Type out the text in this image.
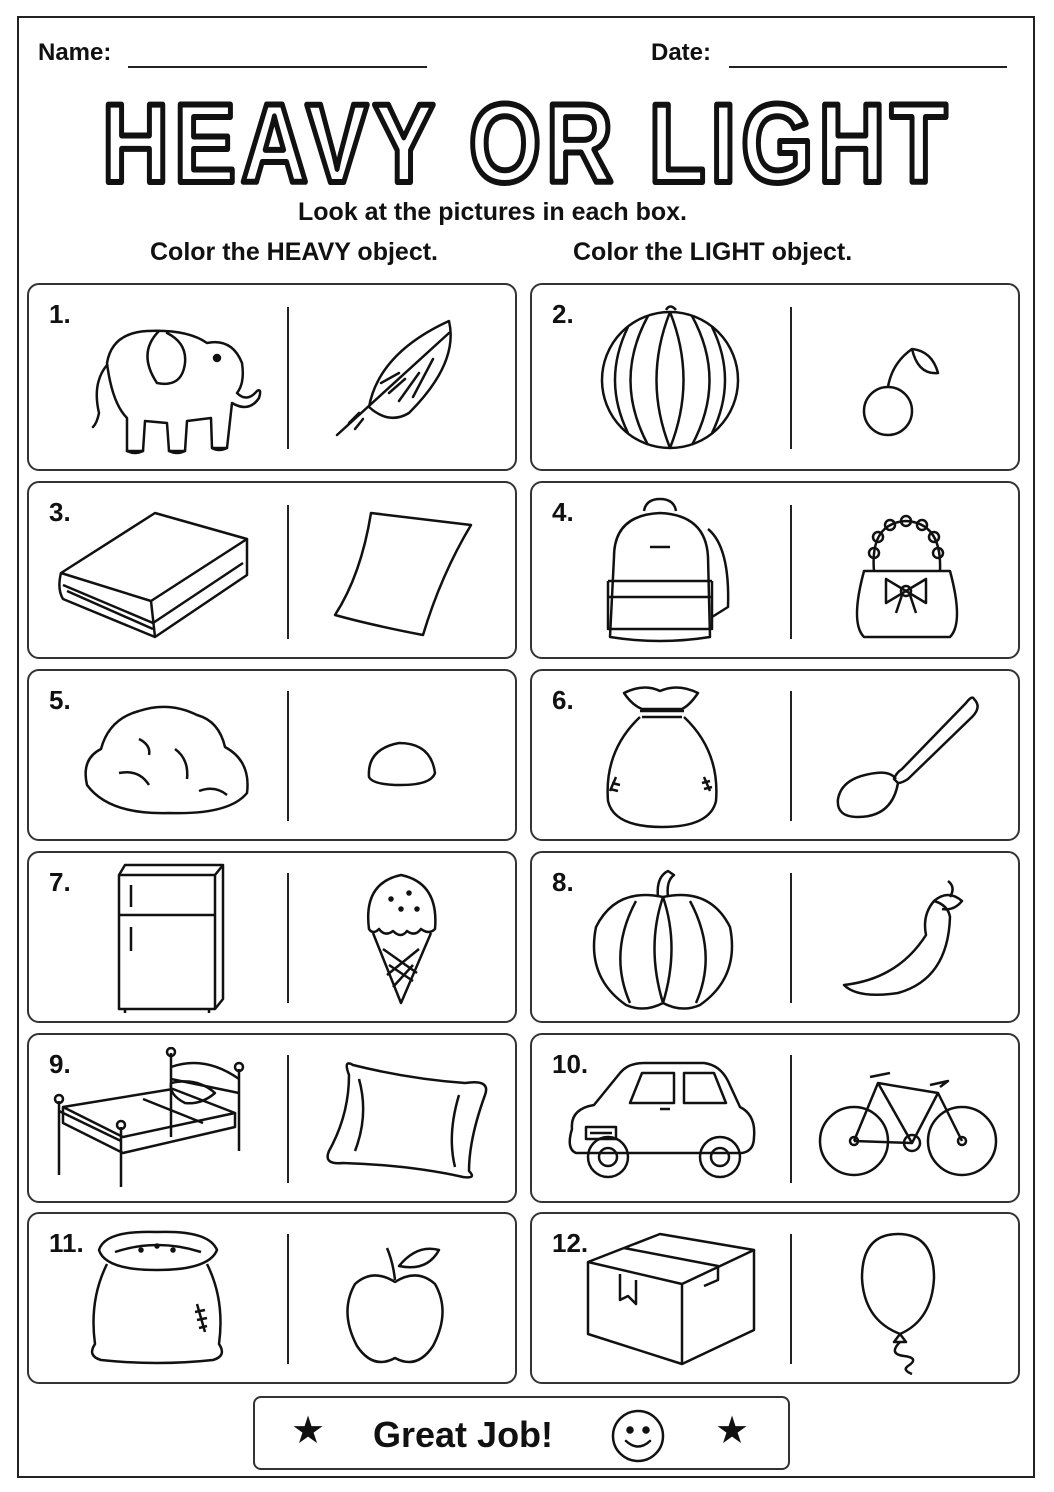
Name:	Date:
HEAVY OR LIGHT
Look at the pictures in each box.
Color the HEAVY object.	Color the LIGHT object.
1.	2.
3.	4.
5.	6.
7.	8.
9.	10.
11.	12.
★ Great Job!	★
